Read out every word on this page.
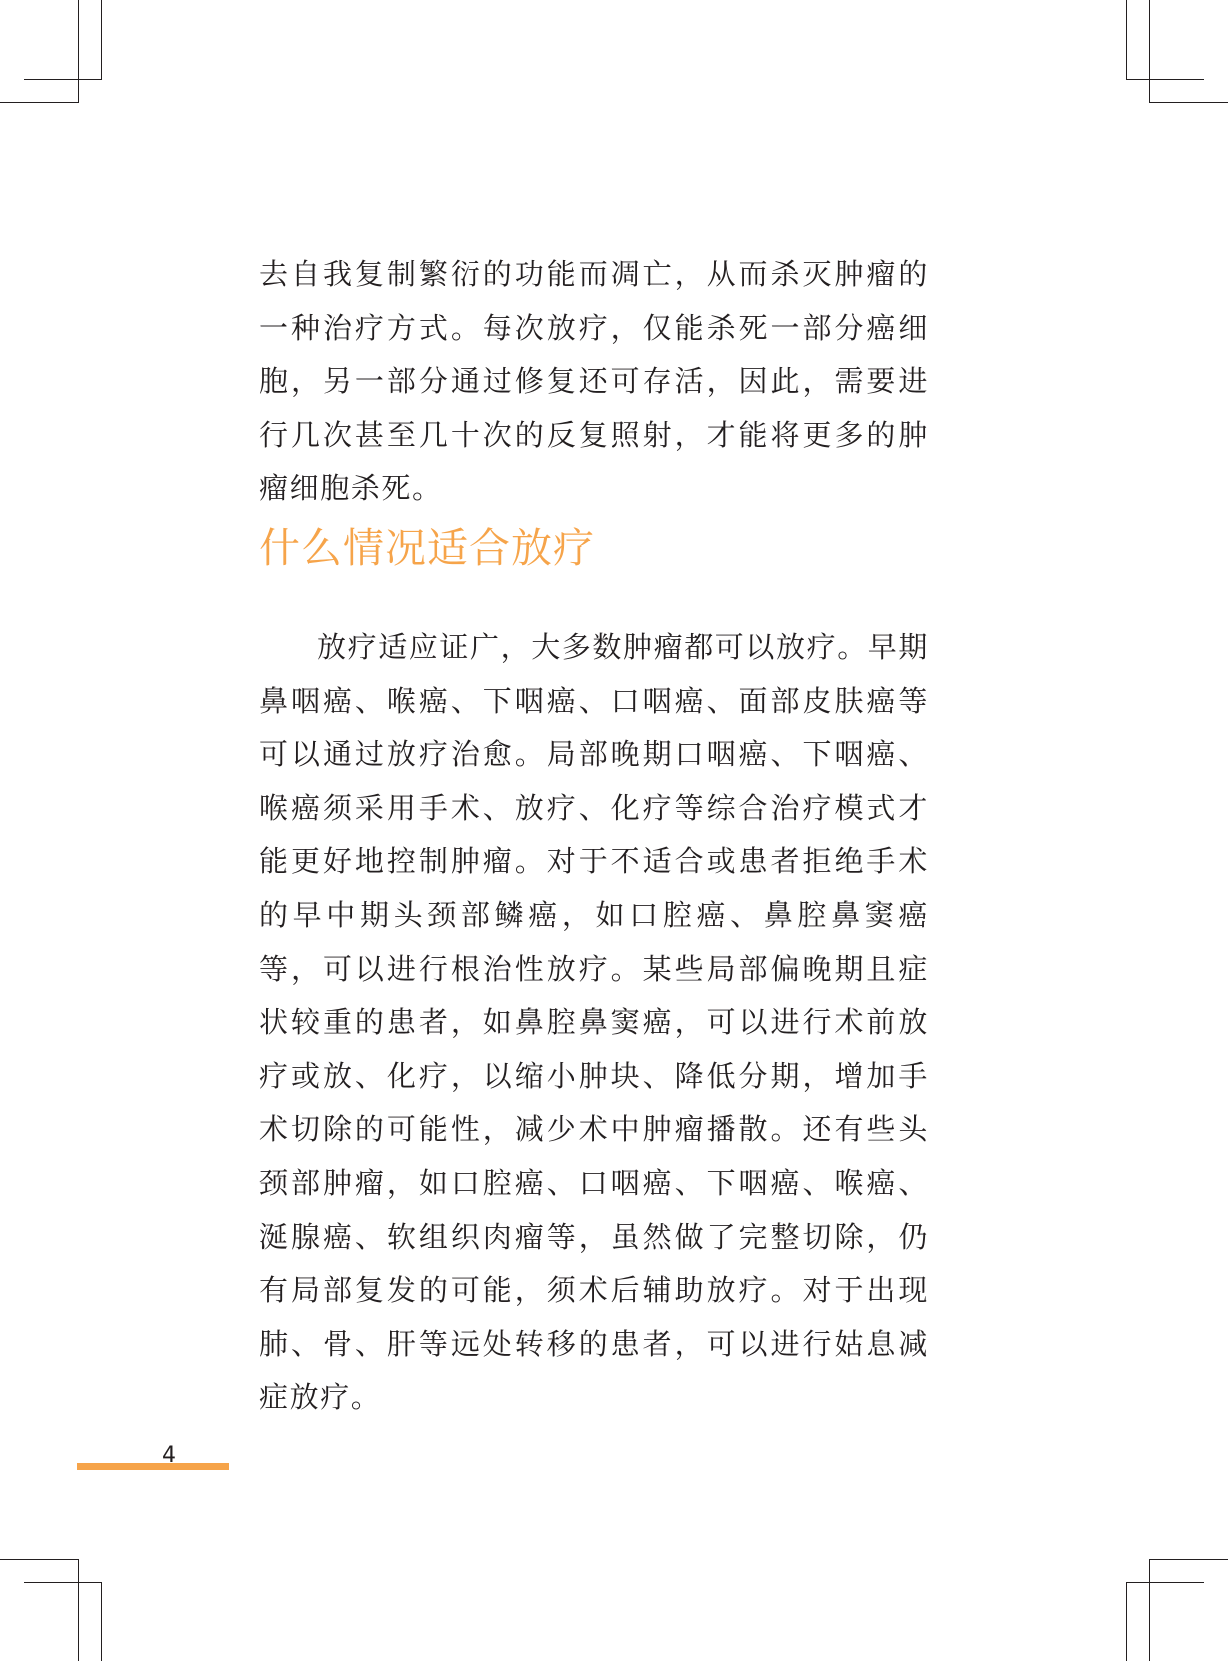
去自我复制繁衍的功能而凋亡，从而杀灭肿瘤的一种治疗方式。每次放疗，仅能杀死一部分癌细胞，另一部分通过修复还可存活，因此，需要进行几次甚至几十次的反复照射，才能将更多的肿瘤细胞杀死。

什么情况适合放疗

放疗适应证广，大多数肿瘤都可以放疗。早期鼻咽癌、喉癌、下咽癌、口咽癌、面部皮肤癌等可以通过放疗治愈。局部晚期口咽癌、下咽癌、喉癌须采用手术、放疗、化疗等综合治疗模式才能更好地控制肿瘤。对于不适合或患者拒绝手术的早中期头颈部鳞癌，如口腔癌、鼻腔鼻窦癌等，可以进行根治性放疗。某些局部偏晚期且症状较重的患者，如鼻腔鼻窦癌，可以进行术前放疗或放、化疗，以缩小肿块、降低分期，增加手术切除的可能性，减少术中肿瘤播散。还有些头颈部肿瘤，如口腔癌、口咽癌、下咽癌、喉癌、涎腺癌、软组织肉瘤等，虽然做了完整切除，仍有局部复发的可能，须术后辅助放疗。对于出现肺、骨、肝等远处转移的患者，可以进行姑息减症放疗。

4
